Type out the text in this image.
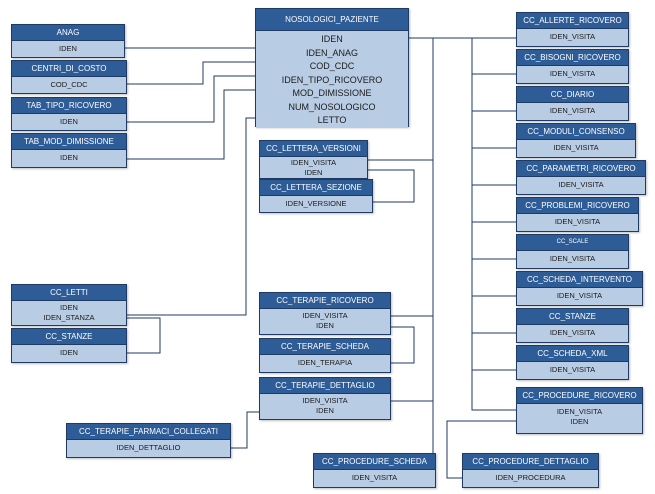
NOSOLOGICI_PAZIENTE
IDEN
IDEN_ANAG
COD_CDC
IDEN_TIPO_RICOVERO
MOD_DIMISSIONE
NUM_NOSOLOGICO
LETTO
ANAG
IDEN
CENTRI_DI_COSTO
COD_CDC
TAB_TIPO_RICOVERO
IDEN
TAB_MOD_DIMISSIONE
IDEN
CC_LETTI
IDEN
IDEN_STANZA
CC_STANZE
IDEN
CC_TERAPIE_FARMACI_COLLEGATI
IDEN_DETTAGLIO
CC_LETTERA_VERSIONI
IDEN_VISITA
IDEN
CC_LETTERA_SEZIONE
IDEN_VERSIONE
CC_TERAPIE_RICOVERO
IDEN_VISITA
IDEN
CC_TERAPIE_SCHEDA
IDEN_TERAPIA
CC_TERAPIE_DETTAGLIO
IDEN_VISITA
IDEN
CC_PROCEDURE_SCHEDA
IDEN_VISITA
CC_PROCEDURE_DETTAGLIO
IDEN_PROCEDURA
CC_ALLERTE_RICOVERO
IDEN_VISITA
CC_BISOGNI_RICOVERO
IDEN_VISITA
CC_DIARIO
IDEN_VISITA
CC_MODULI_CONSENSO
IDEN_VISITA
CC_PARAMETRI_RICOVERO
IDEN_VISITA
CC_PROBLEMI_RICOVERO
IDEN_VISITA
CC_SCALE
IDEN_VISITA
CC_SCHEDA_INTERVENTO
IDEN_VISITA
CC_STANZE
IDEN_VISITA
CC_SCHEDA_XML
IDEN_VISITA
CC_PROCEDURE_RICOVERO
IDEN_VISITA
IDEN
